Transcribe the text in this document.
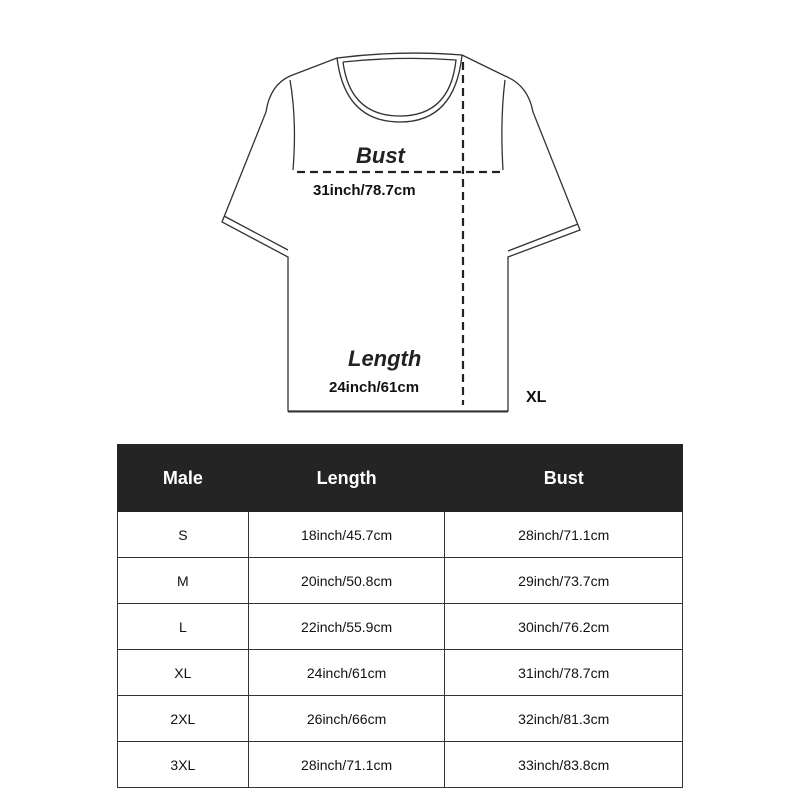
Bust
31inch/78.7cm
Length
24inch/61cm
XL
Male	Length	Bust
S	18inch/45.7cm	28inch/71.1cm
M	20inch/50.8cm	29inch/73.7cm
L	22inch/55.9cm	30inch/76.2cm
XL	24inch/61cm	31inch/78.7cm
2XL	26inch/66cm	32inch/81.3cm
3XL	28inch/71.1cm	33inch/83.8cm
